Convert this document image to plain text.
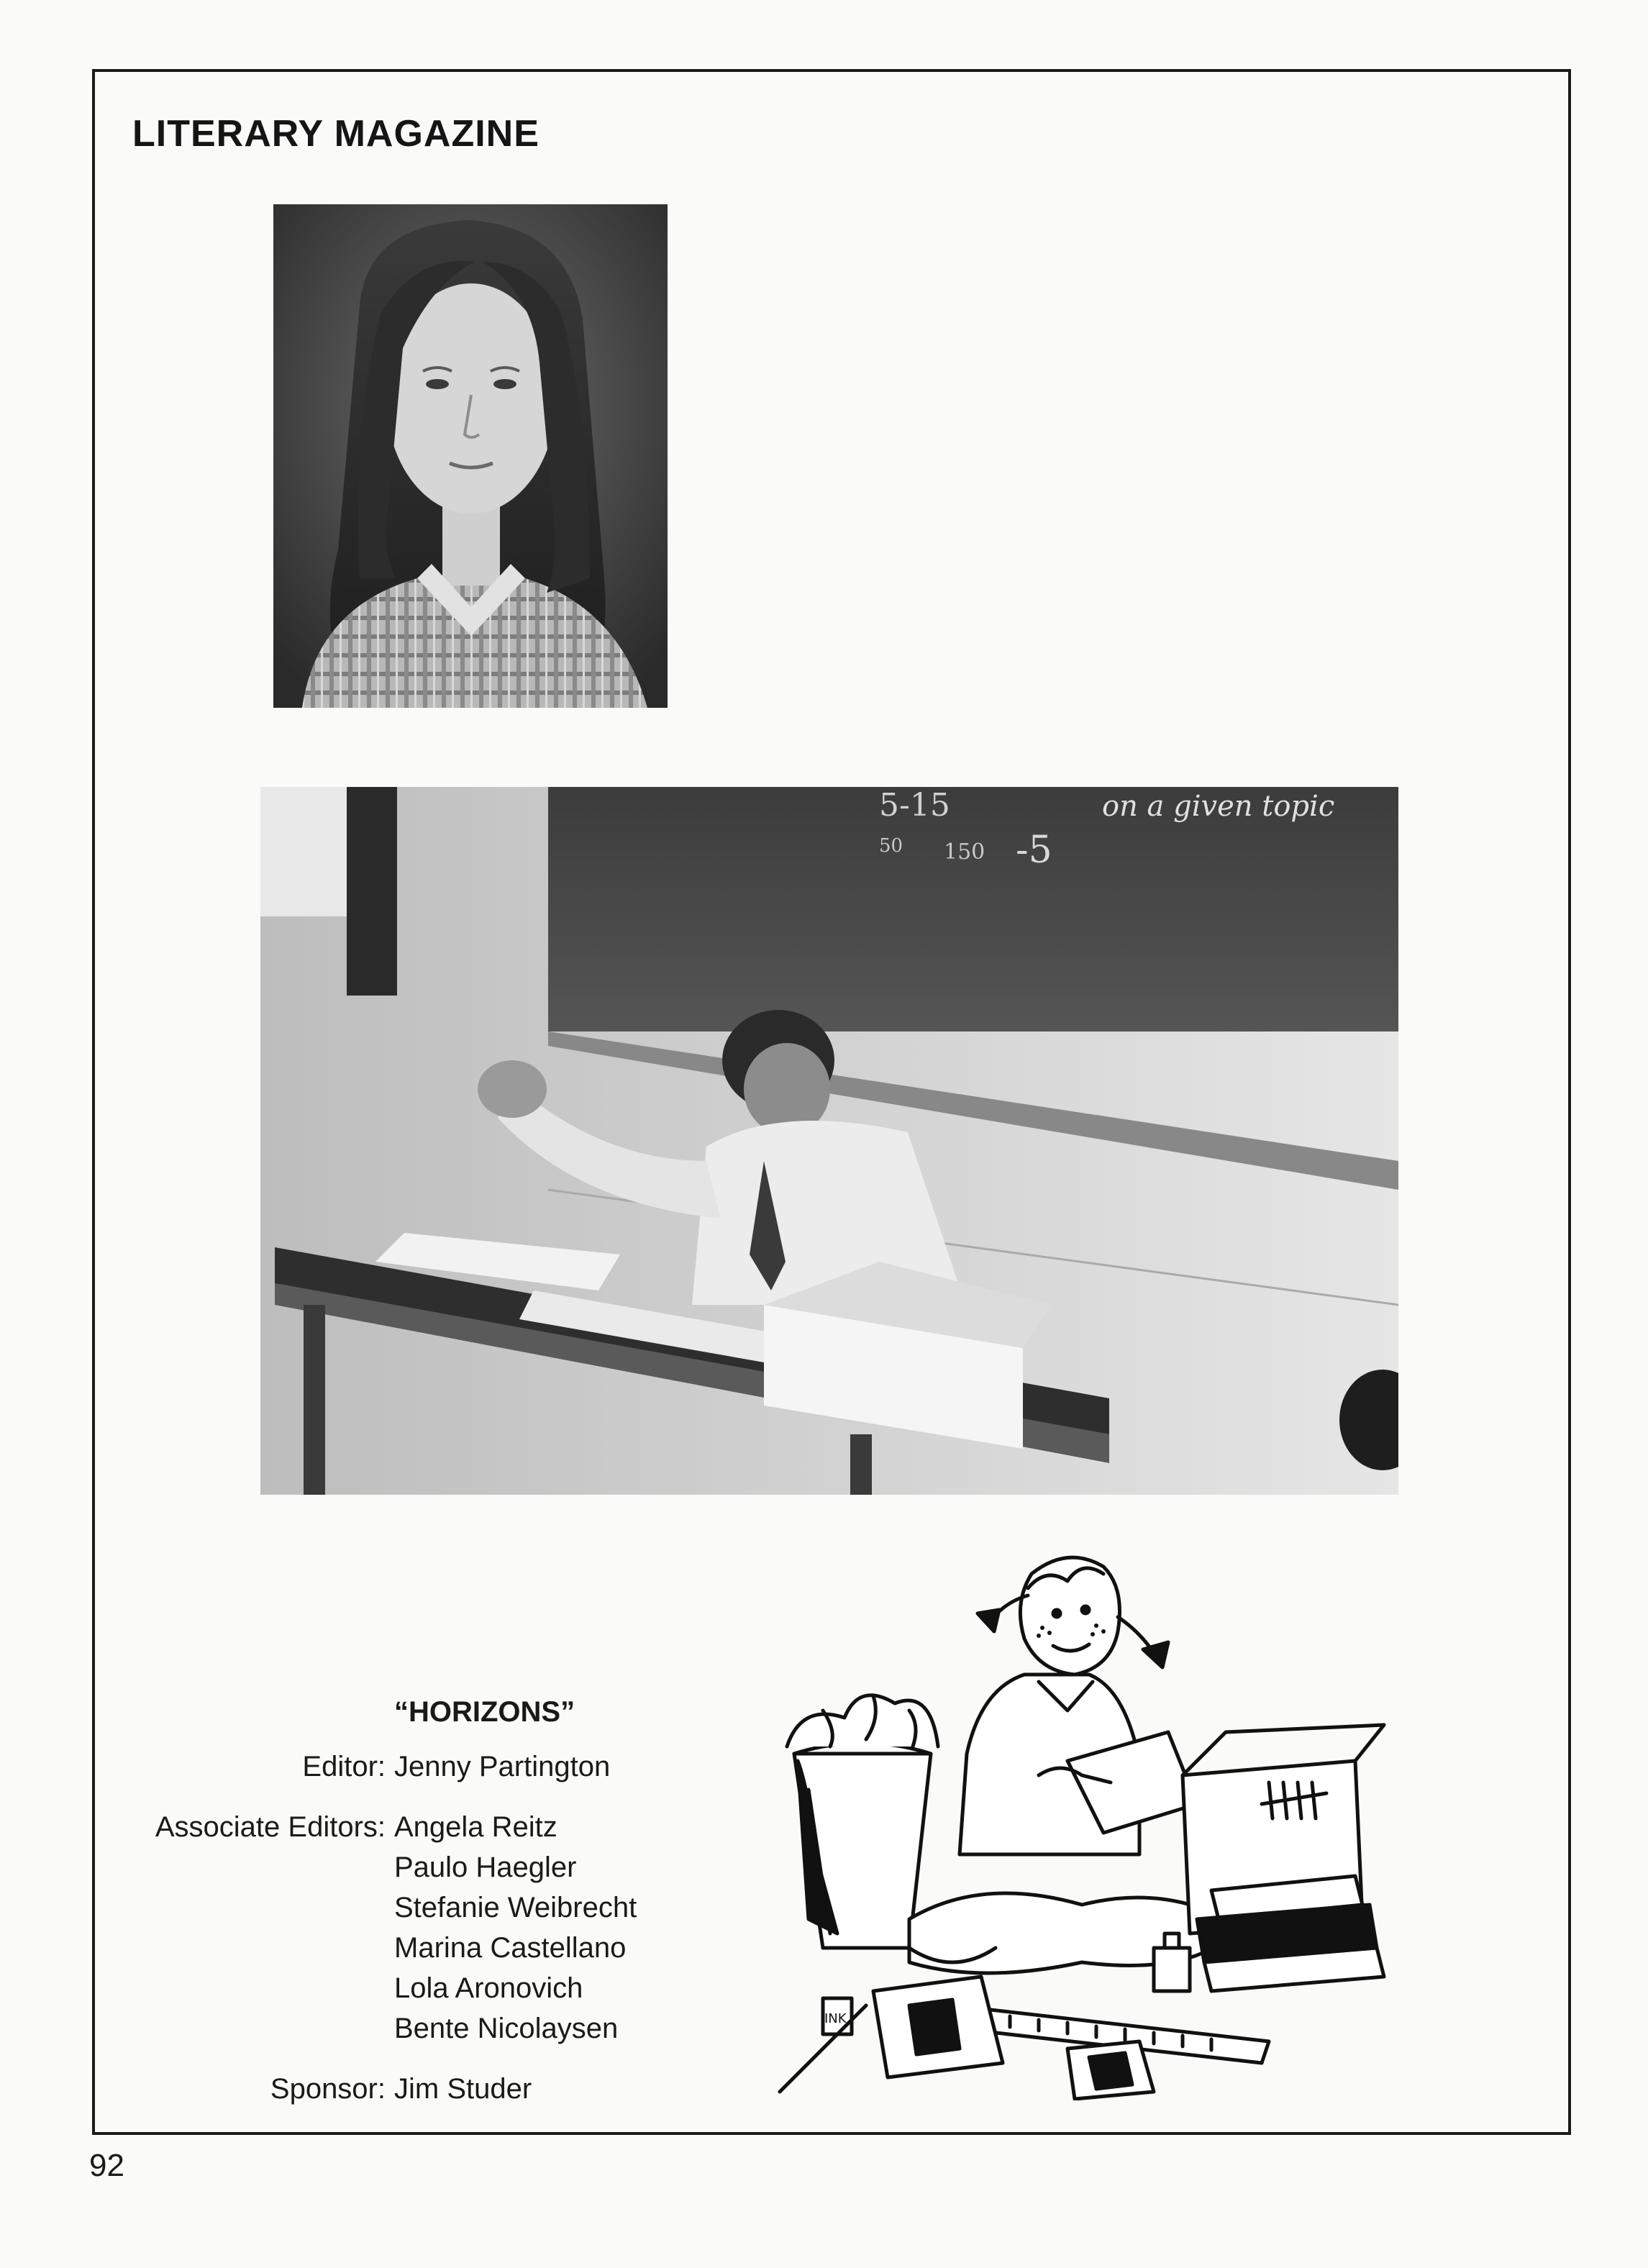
LITERARY MAGAZINE
5-15
50 150 -5
on a given topic
“HORIZONS”
Editor: Jenny Partington
Associate Editors: Angela Reitz
Paulo Haegler
Stefanie Weibrecht
Marina Castellano
Lola Aronovich
Bente Nicolaysen
Sponsor: Jim Studer
INK
92
